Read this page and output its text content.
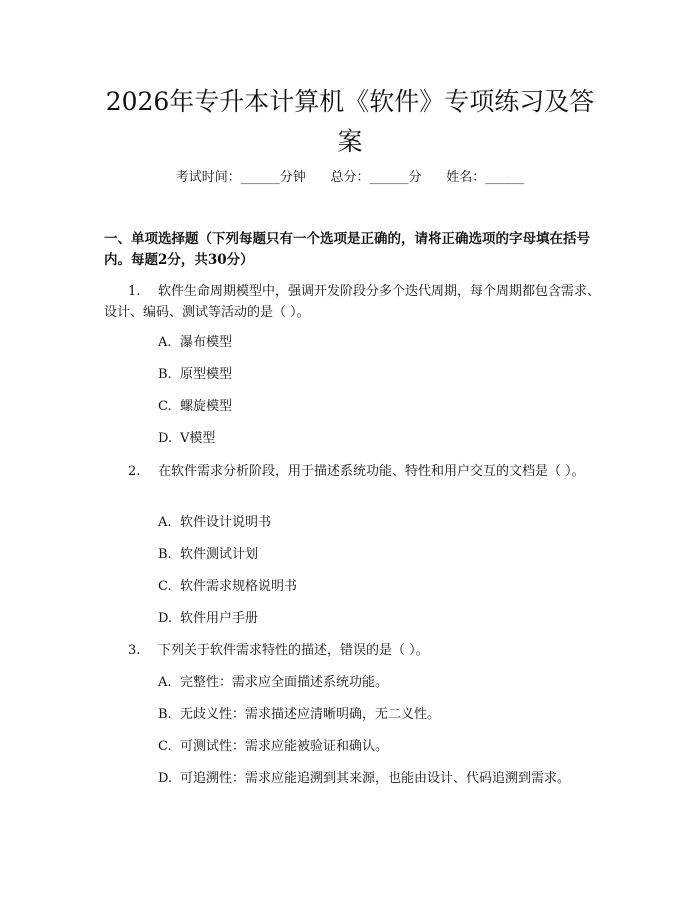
2026年专升本计算机《软件》专项练习及答案
考试时间：______分钟      总分：______分      姓名：______
一、单项选择题（下列每题只有一个选项是正确的，请将正确选项的字母填在括号内。每题2分，共30分）
1. 软件生命周期模型中，强调开发阶段分多个迭代周期，每个周期都包含需求、设计、编码、测试等活动的是（ ）。
A. 瀑布模型
B. 原型模型
C. 螺旋模型
D. V模型
2. 在软件需求分析阶段，用于描述系统功能、特性和用户交互的文档是（ ）。
A. 软件设计说明书
B. 软件测试计划
C. 软件需求规格说明书
D. 软件用户手册
3. 下列关于软件需求特性的描述，错误的是（ ）。
A. 完整性：需求应全面描述系统功能。
B. 无歧义性：需求描述应清晰明确，无二义性。
C. 可测试性：需求应能被验证和确认。
D. 可追溯性：需求应能追溯到其来源，也能由设计、代码追溯到需求。
